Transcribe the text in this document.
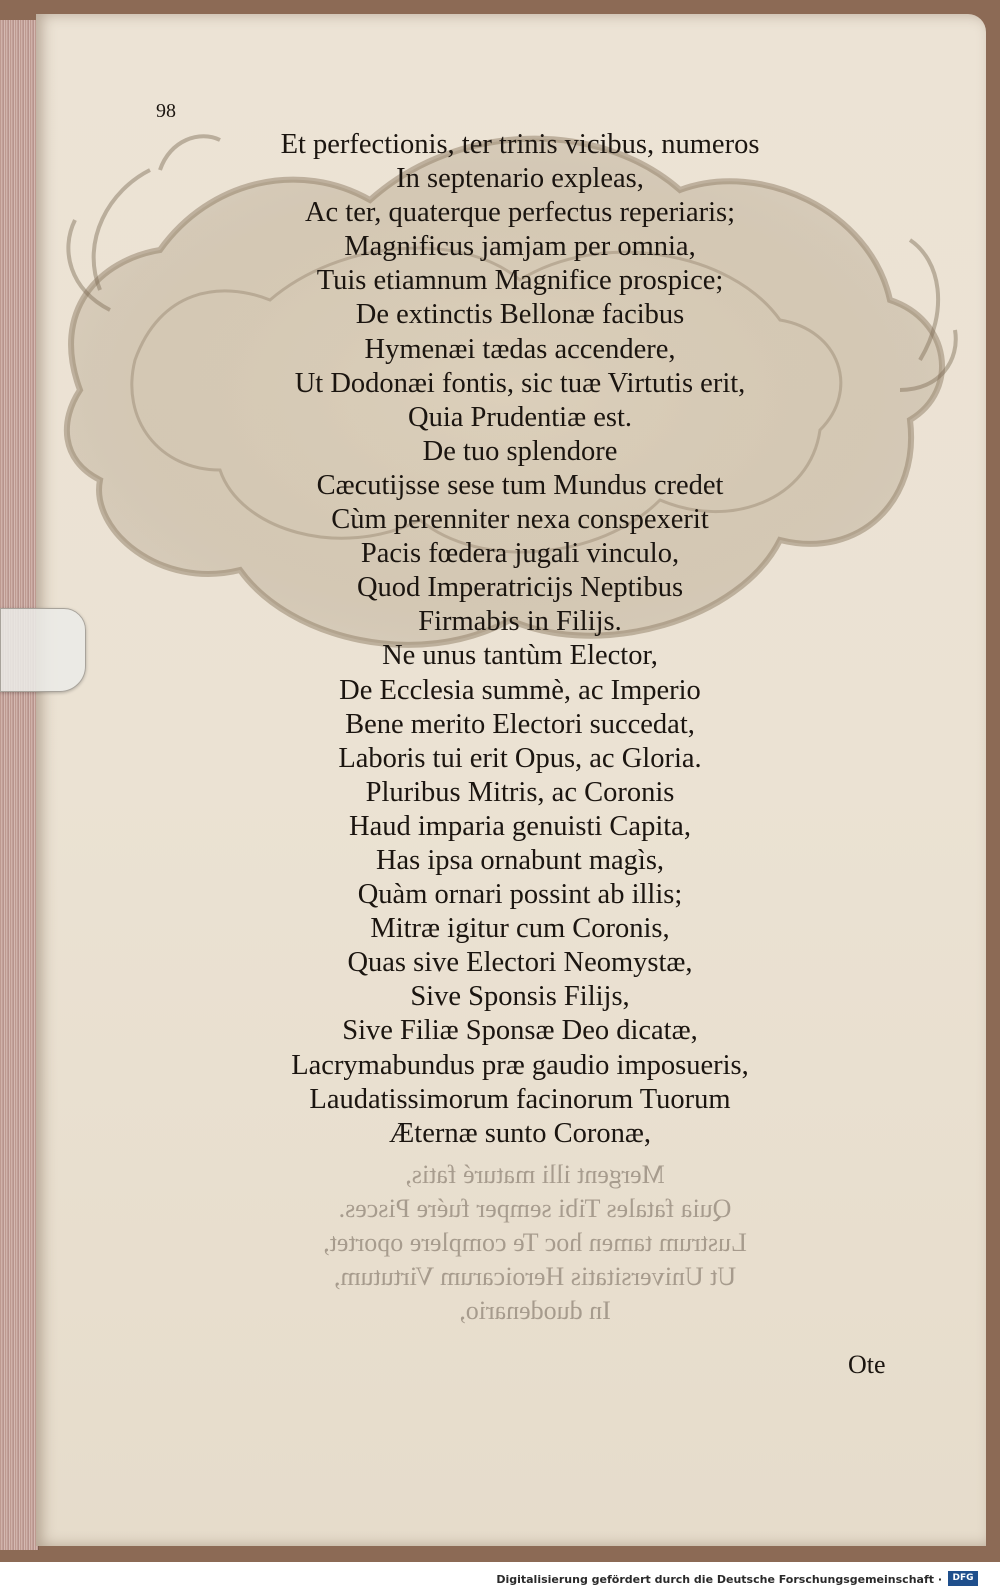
98

Et perfectionis, ter trinis vicibus, numeros
In septenario expleas,
Ac ter, quaterque perfectus reperiaris;
Magnificus jamjam per omnia,
Tuis etiamnum Magnifice prospice;
De extinctis Bellonæ facibus
Hymenæi tædas accendere,
Ut Dodonæi fontis, sic tuæ Virtutis erit,
Quia Prudentiæ est.
De tuo splendore
Cæcutijsse sese tum Mundus credet
Cùm perenniter nexa conspexerit
Pacis fœdera jugali vinculo,
Quod Imperatricijs Neptibus
Firmabis in Filijs.
Ne unus tantùm Elector,
De Ecclesia summè, ac Imperio
Bene merito Electori succedat,
Laboris tui erit Opus, ac Gloria.
Pluribus Mitris, ac Coronis
Haud imparia genuisti Capita,
Has ipsa ornabunt magìs,
Quàm ornari possint ab illis;
Mitræ igitur cum Coronis,
Quas sive Electori Neomystæ,
Sive Sponsis Filijs,
Sive Filiæ Sponsæ Deo dicatæ,
Lacrymabundus præ gaudio imposueris,
Laudatissimorum facinorum Tuorum
Æternæ sunto Coronæ,
Mergent illi maturé fatis,
Quia fatales Tibi semper fuére Pisces.
Lustrum tamen hoc Te complere oportet,
Ut Universitatis Heroicarum Virtutum,
In duodenario,

Ote

Digitalisierung gefördert durch die Deutsche Forschungsgemeinschaft ·	DFG
